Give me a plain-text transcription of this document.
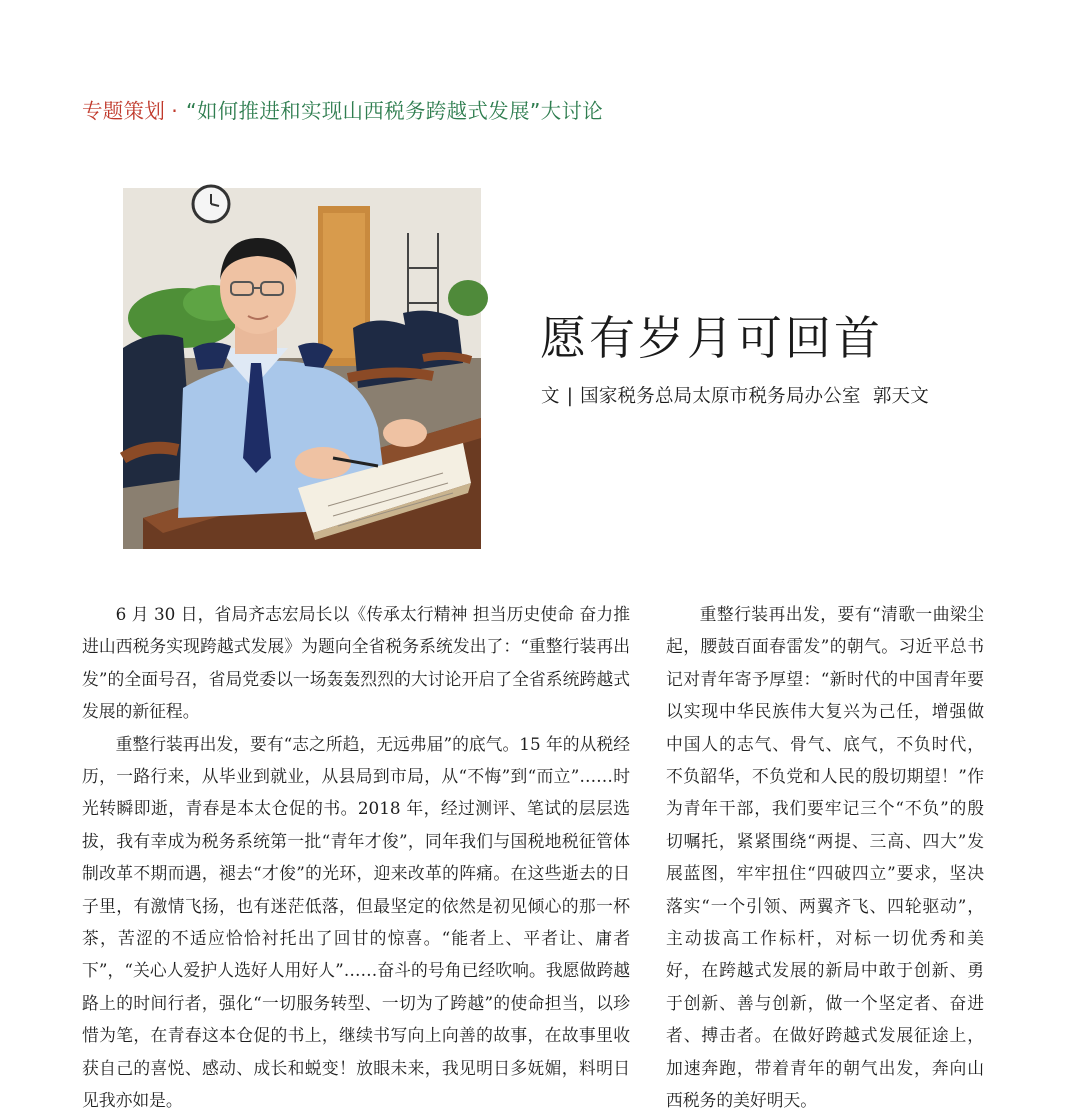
专题策划 · “如何推进和实现山西税务跨越式发展”大讨论
愿有岁月可回首
文 | 国家税务总局太原市税务局办公室 郭天文

6 月 30 日，省局齐志宏局长以《传承太行精神 担当历史使命 奋力推进山西税务实现跨越式发展》为题向全省税务系统发出了：“重整行装再出发”的全面号召，省局党委以一场轰轰烈烈的大讨论开启了全省系统跨越式发展的新征程。

重整行装再出发，要有“志之所趋，无远弗届”的底气。15 年的从税经历，一路行来，从毕业到就业，从县局到市局，从“不悔”到“而立”……时光转瞬即逝，青春是本太仓促的书。2018 年，经过测评、笔试的层层选拔，我有幸成为税务系统第一批“青年才俊”，同年我们与国税地税征管体制改革不期而遇，褪去“才俊”的光环，迎来改革的阵痛。在这些逝去的日子里，有激情飞扬，也有迷茫低落，但最坚定的依然是初见倾心的那一杯茶，苦涩的不适应恰恰衬托出了回甘的惊喜。“能者上、平者让、庸者下”，“关心人爱护人选好人用好人”……奋斗的号角已经吹响。我愿做跨越路上的时间行者，强化“一切服务转型、一切为了跨越”的使命担当，以珍惜为笔，在青春这本仓促的书上，继续书写向上向善的故事，在故事里收获自己的喜悦、感动、成长和蜕变！放眼未来，我见明日多妩媚，料明日见我亦如是。

重整行装再出发，要有“清歌一曲梁尘起，腰鼓百面春雷发”的朝气。习近平总书记对青年寄予厚望：“新时代的中国青年要以实现中华民族伟大复兴为己任，增强做中国人的志气、骨气、底气，不负时代，不负韶华，不负党和人民的殷切期望！”作为青年干部，我们要牢记三个“不负”的殷切嘱托，紧紧围绕“两提、三高、四大”发展蓝图，牢牢扭住“四破四立”要求，坚决落实“一个引领、两翼齐飞、四轮驱动”，主动拔高工作标杆，对标一切优秀和美好，在跨越式发展的新局中敢于创新、勇于创新、善与创新，做一个坚定者、奋进者、搏击者。在做好跨越式发展征途上，加速奔跑，带着青年的朝气出发，奔向山西税务的美好明天。
